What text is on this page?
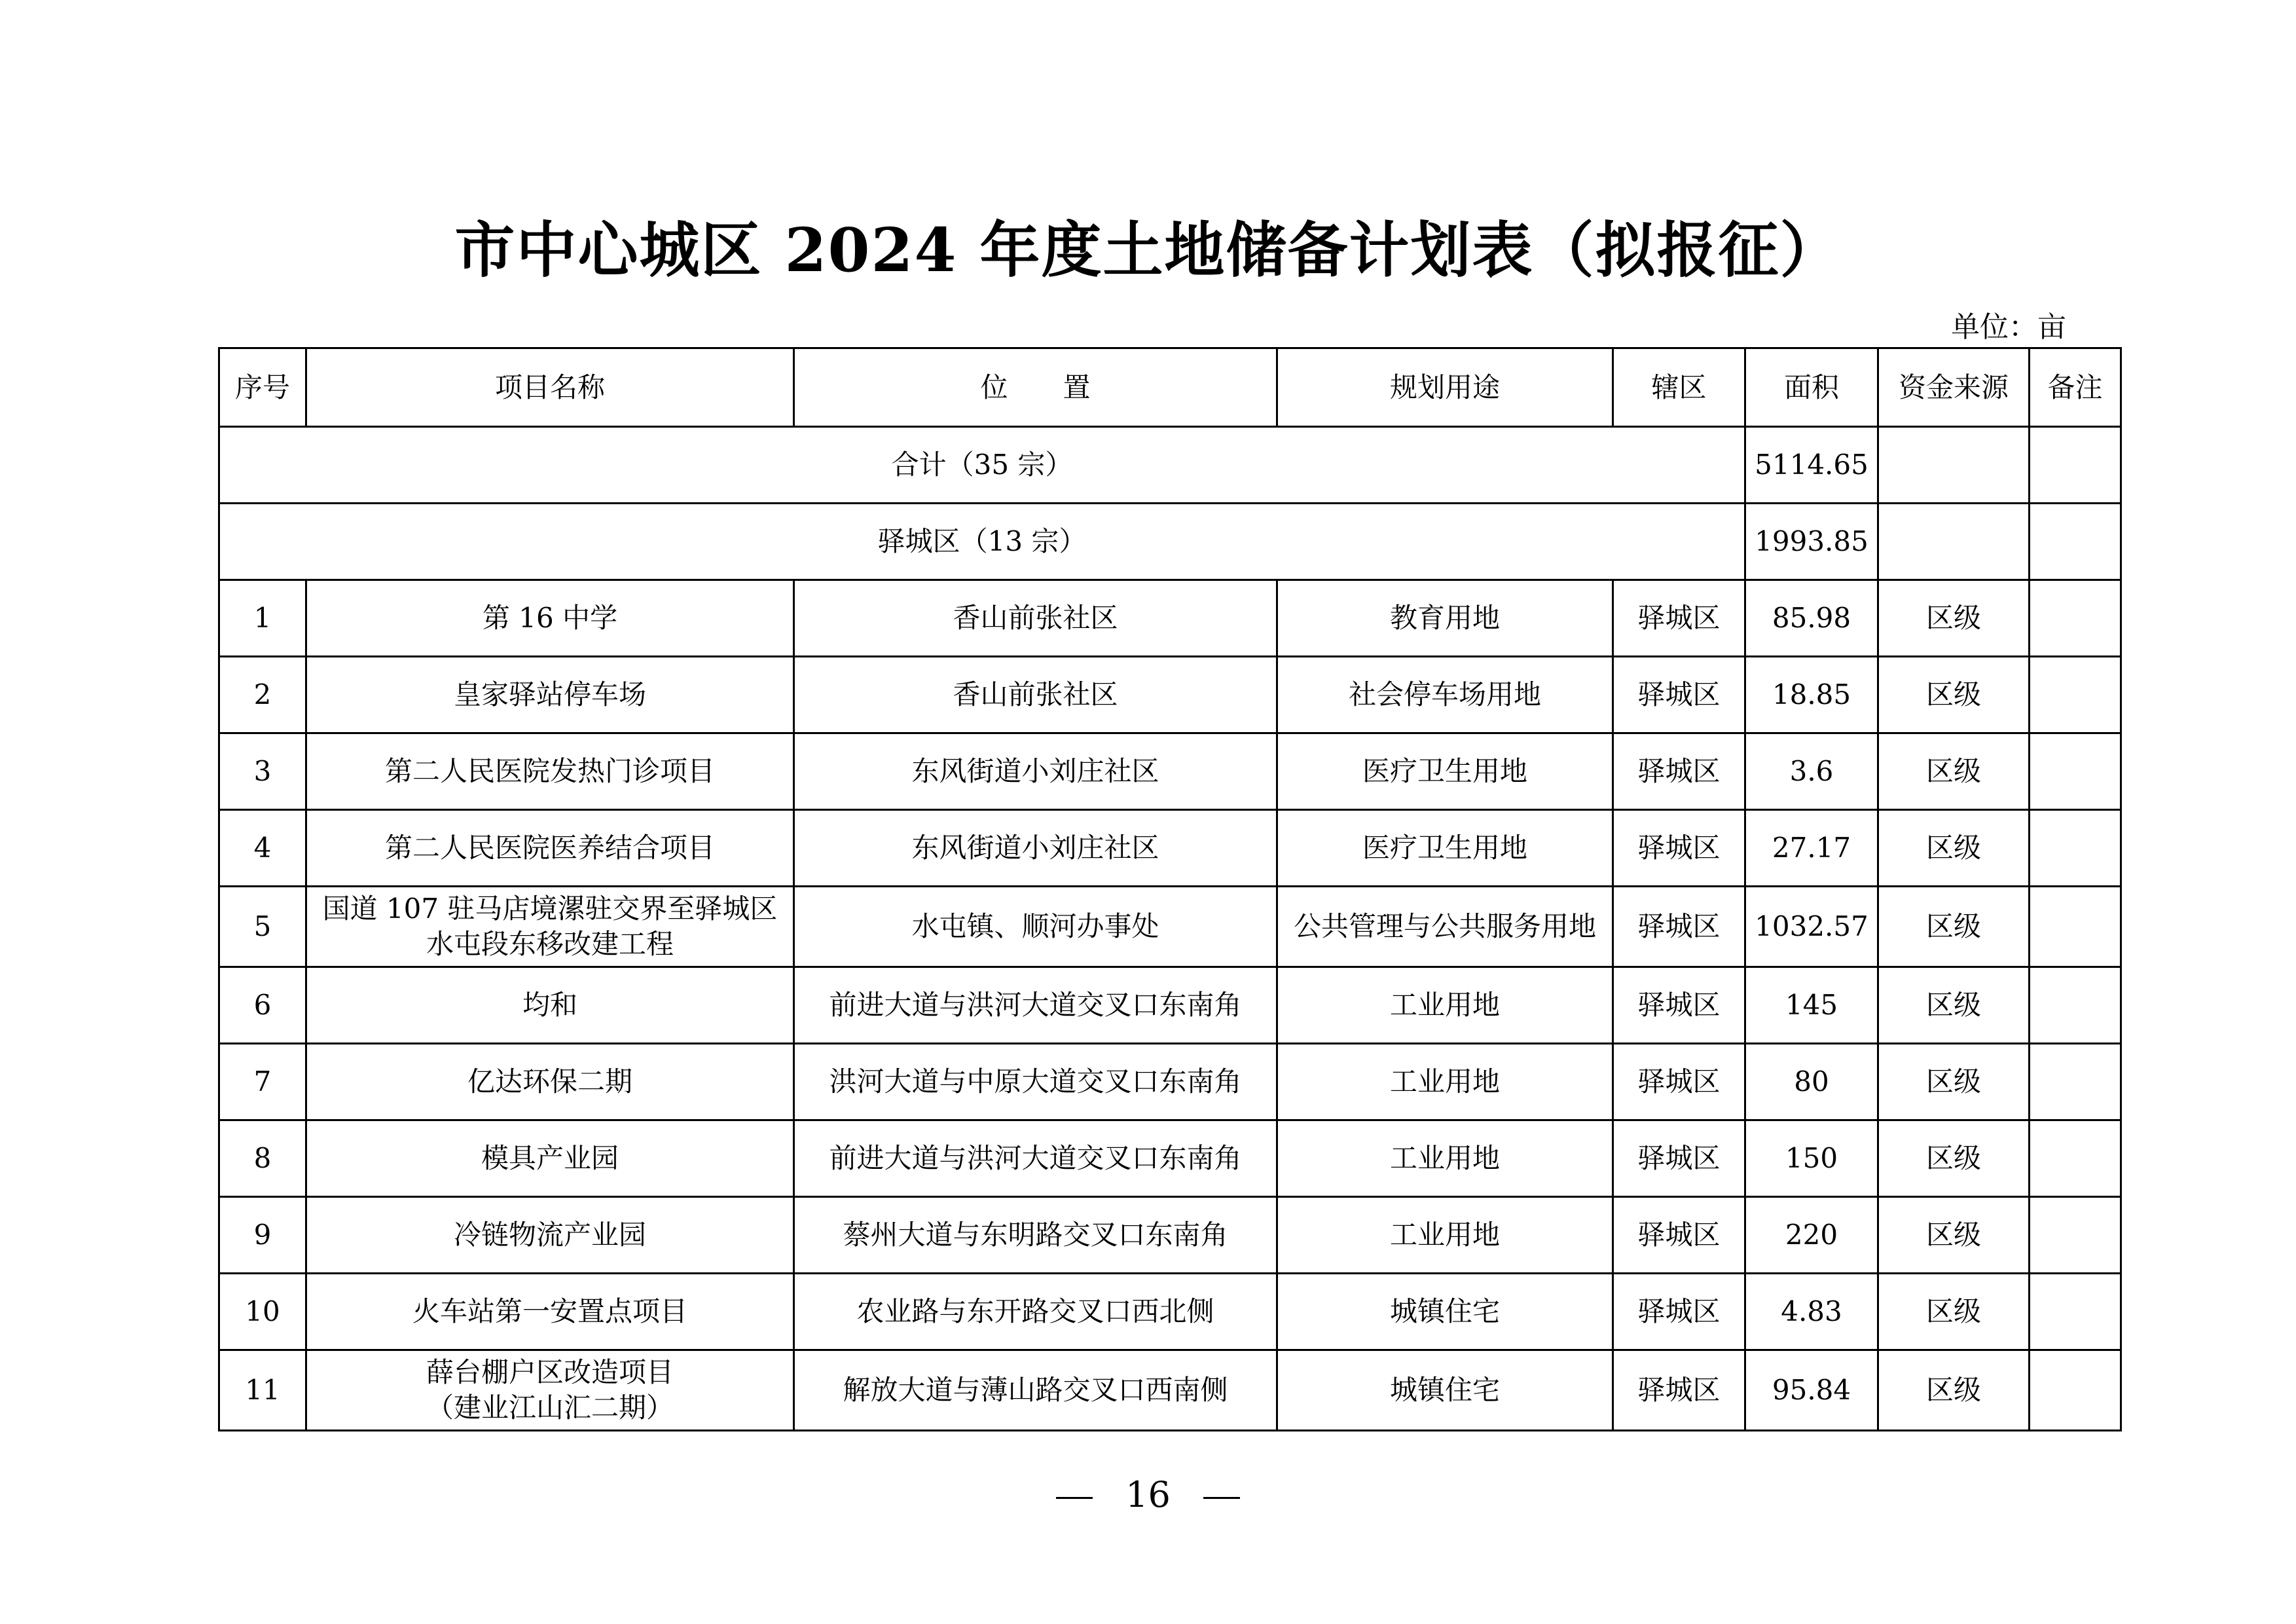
市中心城区 2024 年度土地储备计划表（拟报征）
单位：亩
序号	项目名称	位　　置	规划用途	辖区	面积	资金来源	备注
合计（35 宗）					5114.65		
驿城区（13 宗）					1993.85		
1	第 16 中学	香山前张社区	教育用地	驿城区	85.98	区级	
2	皇家驿站停车场	香山前张社区	社会停车场用地	驿城区	18.85	区级	
3	第二人民医院发热门诊项目	东风街道小刘庄社区	医疗卫生用地	驿城区	3.6	区级	
4	第二人民医院医养结合项目	东风街道小刘庄社区	医疗卫生用地	驿城区	27.17	区级	
5	国道 107 驻马店境漯驻交界至驿城区
水屯段东移改建工程	水屯镇、顺河办事处	公共管理与公共服务用地	驿城区	1032.57	区级	
6	均和	前进大道与洪河大道交叉口东南角	工业用地	驿城区	145	区级	
7	亿达环保二期	洪河大道与中原大道交叉口东南角	工业用地	驿城区	80	区级	
8	模具产业园	前进大道与洪河大道交叉口东南角	工业用地	驿城区	150	区级	
9	冷链物流产业园	蔡州大道与东明路交叉口东南角	工业用地	驿城区	220	区级	
10	火车站第一安置点项目	农业路与东开路交叉口西北侧	城镇住宅	驿城区	4.83	区级	
11	薛台棚户区改造项目
（建业江山汇二期）	解放大道与薄山路交叉口西南侧	城镇住宅	驿城区	95.84	区级	
16
